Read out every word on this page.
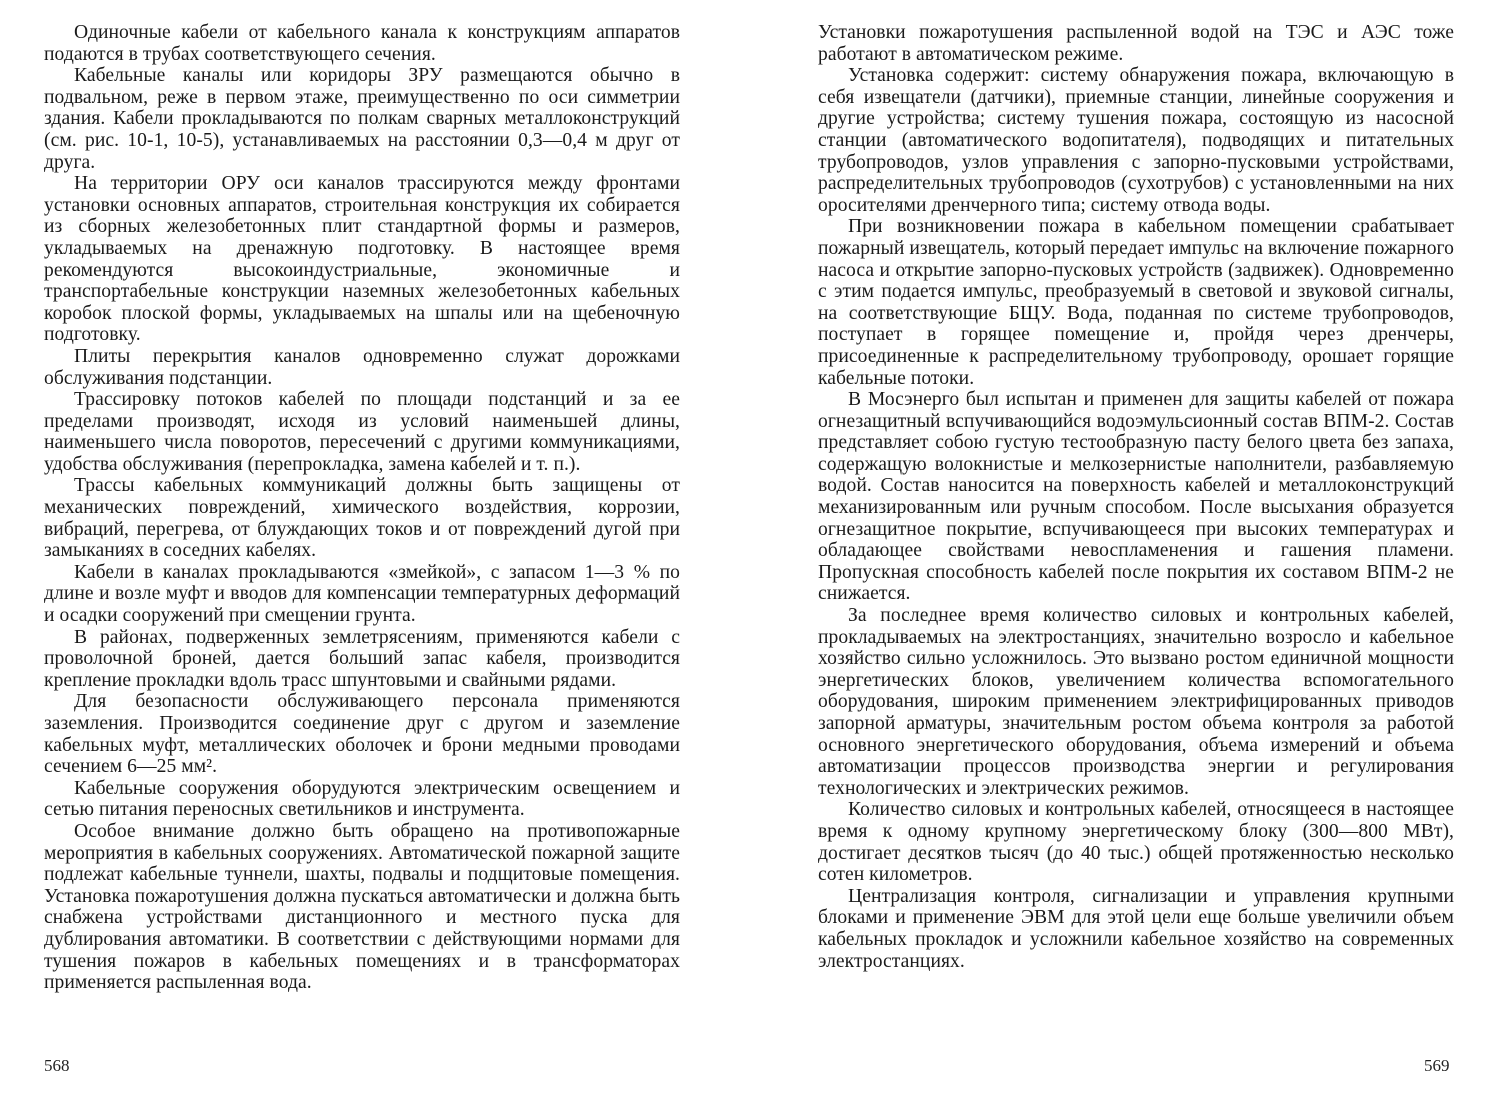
Одиночные кабели от кабельного канала к конструкциям аппаратов подаются в трубах соответствующего сечения.

Кабельные каналы или коридоры ЗРУ размещаются обычно в подвальном, реже в первом этаже, преимущественно по оси симметрии здания. Кабели прокладываются по полкам сварных металлоконструкций (см. рис. 10-1, 10-5), устанавливаемых на расстоянии 0,3—0,4 м друг от друга.

На территории ОРУ оси каналов трассируются между фронтами установки основных аппаратов, строительная конструкция их собирается из сборных железобетонных плит стандартной формы и размеров, укладываемых на дренажную подготовку. В настоящее время рекомендуются высокоиндустриальные, экономичные и транспортабельные конструкции наземных железобетонных кабельных коробок плоской формы, укладываемых на шпалы или на щебеночную подготовку.

Плиты перекрытия каналов одновременно служат дорожками обслуживания подстанции.

Трассировку потоков кабелей по площади подстанций и за ее пределами производят, исходя из условий наименьшей длины, наименьшего числа поворотов, пересечений с другими коммуникациями, удобства обслуживания (перепрокладка, замена кабелей и т. п.).

Трассы кабельных коммуникаций должны быть защищены от механических повреждений, химического воздействия, коррозии, вибраций, перегрева, от блуждающих токов и от повреждений дугой при замыканиях в соседних кабелях.

Кабели в каналах прокладываются «змейкой», с запасом 1—3 % по длине и возле муфт и вводов для компенсации температурных деформаций и осадки сооружений при смещении грунта.

В районах, подверженных землетрясениям, применяются кабели с проволочной броней, дается больший запас кабеля, производится крепление прокладки вдоль трасс шпунтовыми и свайными рядами.

Для безопасности обслуживающего персонала применяются заземления. Производится соединение друг с другом и заземление кабельных муфт, металлических оболочек и брони медными проводами сечением 6—25 мм².

Кабельные сооружения оборудуются электрическим освещением и сетью питания переносных светильников и инструмента.

Особое внимание должно быть обращено на противопожарные мероприятия в кабельных сооружениях. Автоматической пожарной защите подлежат кабельные туннели, шахты, подвалы и подщитовые помещения. Установка пожаротушения должна пускаться автоматически и должна быть снабжена устройствами дистанционного и местного пуска для дублирования автоматики. В соответствии с действующими нормами для тушения пожаров в кабельных помещениях и в трансформаторах применяется распыленная вода.

568

Установки пожаротушения распыленной водой на ТЭС и АЭС тоже работают в автоматическом режиме.

Установка содержит: систему обнаружения пожара, включающую в себя извещатели (датчики), приемные станции, линейные сооружения и другие устройства; систему тушения пожара, состоящую из насосной станции (автоматического водопитателя), подводящих и питательных трубопроводов, узлов управления с запорно-пусковыми устройствами, распределительных трубопроводов (сухотрубов) с установленными на них оросителями дренчерного типа; систему отвода воды.

При возникновении пожара в кабельном помещении срабатывает пожарный извещатель, который передает импульс на включение пожарного насоса и открытие запорно-пусковых устройств (задвижек). Одновременно с этим подается импульс, преобразуемый в световой и звуковой сигналы, на соответствующие БЩУ. Вода, поданная по системе трубопроводов, поступает в горящее помещение и, пройдя через дренчеры, присоединенные к распределительному трубопроводу, орошает горящие кабельные потоки.

В Мосэнерго был испытан и применен для защиты кабелей от пожара огнезащитный вспучивающийся водоэмульсионный состав ВПМ-2. Состав представляет собою густую тестообразную пасту белого цвета без запаха, содержащую волокнистые и мелкозернистые наполнители, разбавляемую водой. Состав наносится на поверхность кабелей и металлоконструкций механизированным или ручным способом. После высыхания образуется огнезащитное покрытие, вспучивающееся при высоких температурах и обладающее свойствами невоспламенения и гашения пламени. Пропускная способность кабелей после покрытия их составом ВПМ-2 не снижается.

За последнее время количество силовых и контрольных кабелей, прокладываемых на электростанциях, значительно возросло и кабельное хозяйство сильно усложнилось. Это вызвано ростом единичной мощности энергетических блоков, увеличением количества вспомогательного оборудования, широким применением электрифицированных приводов запорной арматуры, значительным ростом объема контроля за работой основного энергетического оборудования, объема измерений и объема автоматизации процессов производства энергии и регулирования технологических и электрических режимов.

Количество силовых и контрольных кабелей, относящееся в настоящее время к одному крупному энергетическому блоку (300—800 МВт), достигает десятков тысяч (до 40 тыс.) общей протяженностью несколько сотен километров.

Централизация контроля, сигнализации и управления крупными блоками и применение ЭВМ для этой цели еще больше увеличили объем кабельных прокладок и усложнили кабельное хозяйство на современных электростанциях.

569
